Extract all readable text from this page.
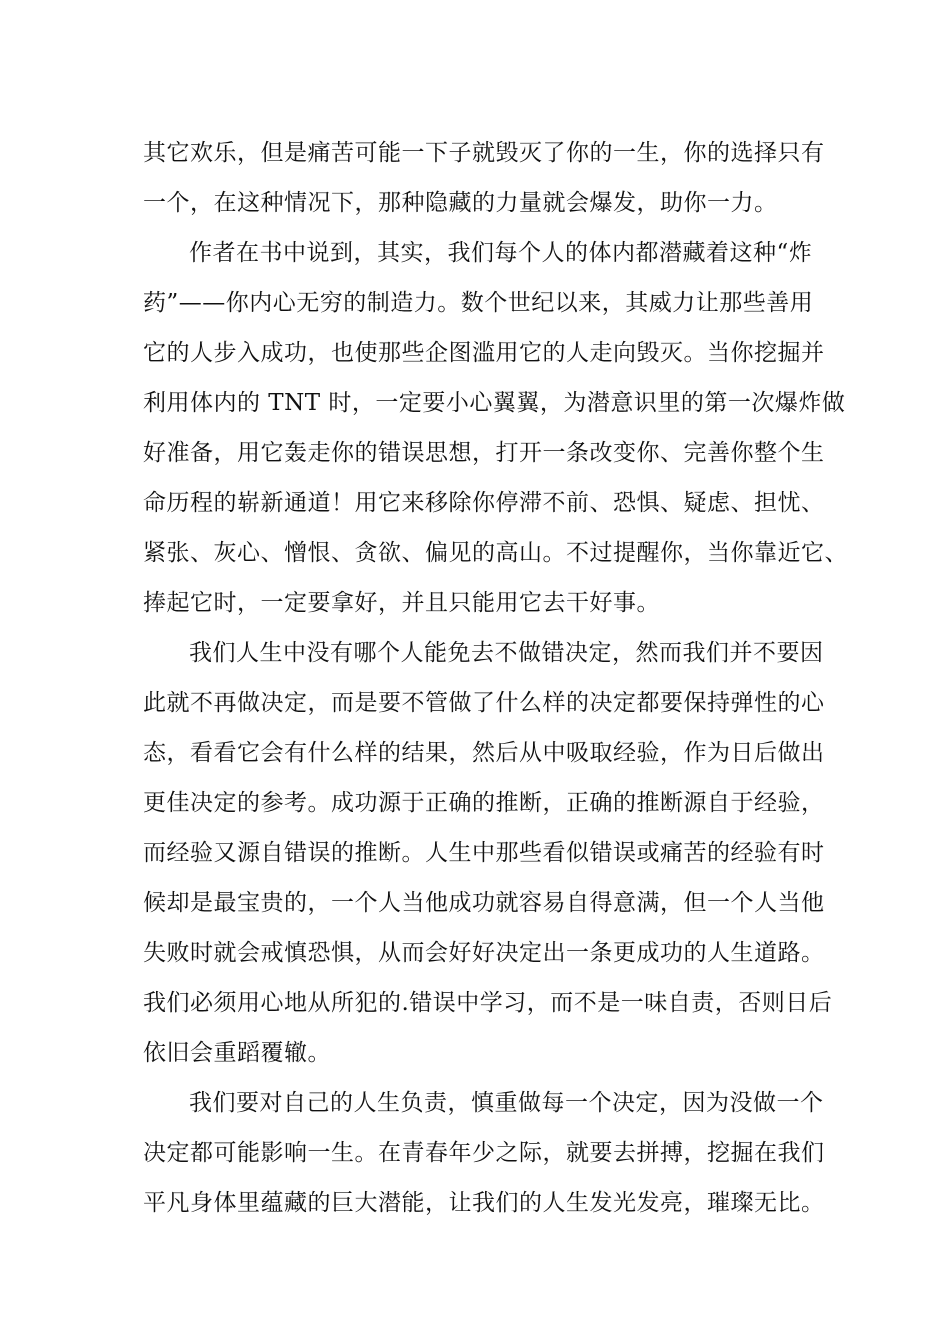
其它欢乐，但是痛苦可能一下子就毁灭了你的一生，你的选择只有
一个，在这种情况下，那种隐藏的力量就会爆发，助你一力。
作者在书中说到，其实，我们每个人的体内都潜藏着这种“炸
药”——你内心无穷的制造力。数个世纪以来，其威力让那些善用
它的人步入成功，也使那些企图滥用它的人走向毁灭。当你挖掘并
利用体内的 TNT 时，一定要小心翼翼，为潜意识里的第一次爆炸做
好准备，用它轰走你的错误思想，打开一条改变你、完善你整个生
命历程的崭新通道！用它来移除你停滞不前、恐惧、疑虑、担忧、
紧张、灰心、憎恨、贪欲、偏见的高山。不过提醒你，当你靠近它、
捧起它时，一定要拿好，并且只能用它去干好事。
我们人生中没有哪个人能免去不做错决定，然而我们并不要因
此就不再做决定，而是要不管做了什么样的决定都要保持弹性的心
态，看看它会有什么样的结果，然后从中吸取经验，作为日后做出
更佳决定的参考。成功源于正确的推断，正确的推断源自于经验，
而经验又源自错误的推断。人生中那些看似错误或痛苦的经验有时
候却是最宝贵的，一个人当他成功就容易自得意满，但一个人当他
失败时就会戒慎恐惧，从而会好好决定出一条更成功的人生道路。
我们必须用心地从所犯的.错误中学习，而不是一味自责，否则日后
依旧会重蹈覆辙。
我们要对自己的人生负责，慎重做每一个决定，因为没做一个
决定都可能影响一生。在青春年少之际，就要去拼搏，挖掘在我们
平凡身体里蕴藏的巨大潜能，让我们的人生发光发亮，璀璨无比。
